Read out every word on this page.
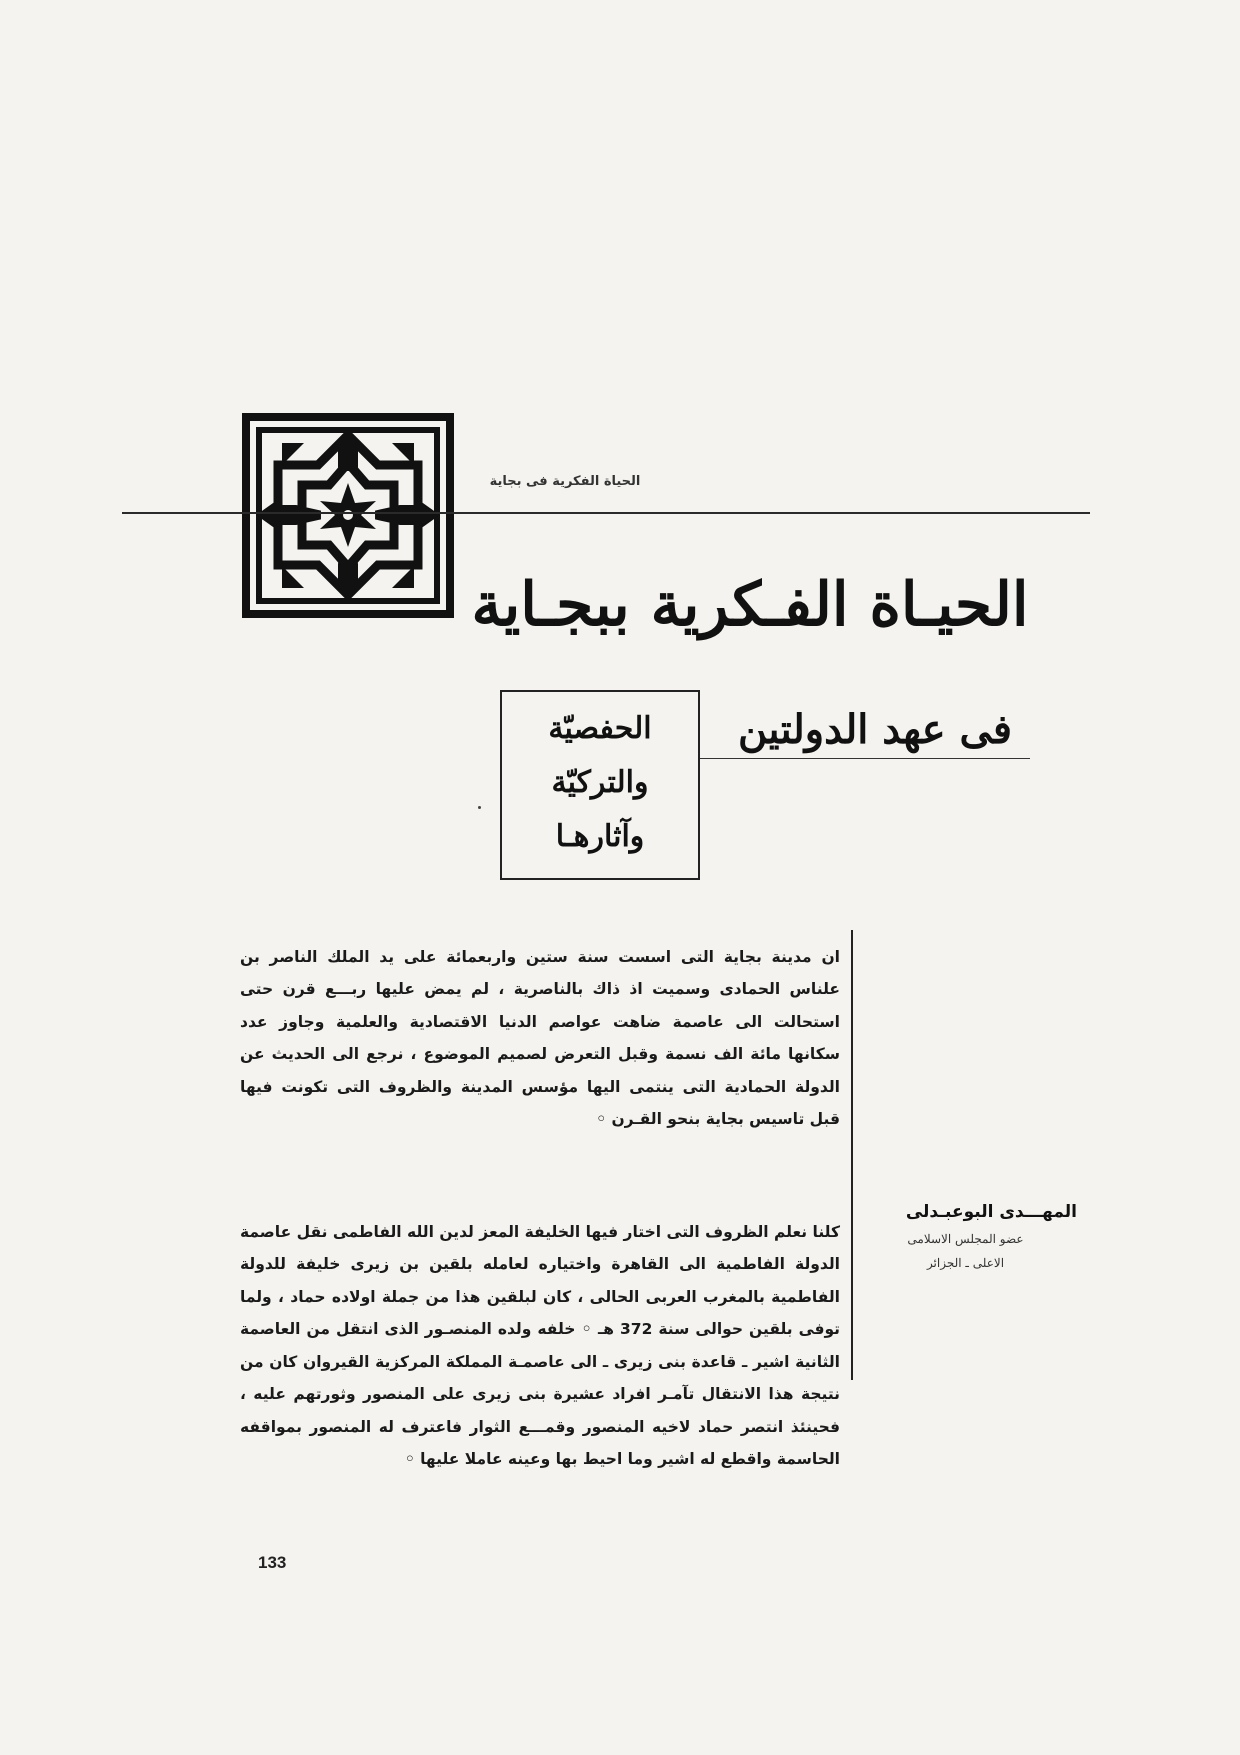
الحياة الفكرية فى بجاية
الحيـاة الفـكرية ببجـاية
فى عهد الدولتين
الحفصيّة
والتركيّة
وآثارهـا

ان مدينة بجاية التى اسست سنة ستين واربعمائة على يد الملك الناصر بن علناس الحمادى وسميت اذ ذاك بالناصرية ، لم يمض عليها ربـــع قرن حتى استحالت الى عاصمة ضاهت عواصم الدنيا الاقتصادية والعلمية وجاوز عدد سكانها مائة الف نسمة وقبل التعرض لصميم الموضوع ، نرجع الى الحديث عن الدولة الحمادية التى ينتمى اليها مؤسس المدينة والظروف التى تكونت فيها قبل تاسيس بجاية بنحو القـرن ◦

كلنا نعلم الظروف التى اختار فيها الخليفة المعز لدين الله الفاطمى نقل عاصمة الدولة الفاطمية الى القاهرة واختياره لعامله بلقين بن زيرى خليفة للدولة الفاطمية بالمغرب العربى الحالى ، كان لبلقين هذا من جملة اولاده حماد ، ولما توفى بلقين حوالى سنة 372 هـ ◦ خلفه ولده المنصـور الذى انتقل من العاصمة الثانية اشير ـ قاعدة بنى زيرى ـ الى عاصمـة المملكة المركزية القيروان كان من نتيجة هذا الانتقال تآمـر افراد عشيرة بنى زيرى على المنصور وثورتهم عليه ، فحينئذ انتصر حماد لاخيه المنصور وقمـــع الثوار فاعترف له المنصور بمواقفه الحاسمة واقطع له اشير وما احيط بها وعينه عاملا عليها ◦

المهـــدى البوعبـدلى
عضو المجلس الاسلامى
الاعلى ـ الجزائر
133
